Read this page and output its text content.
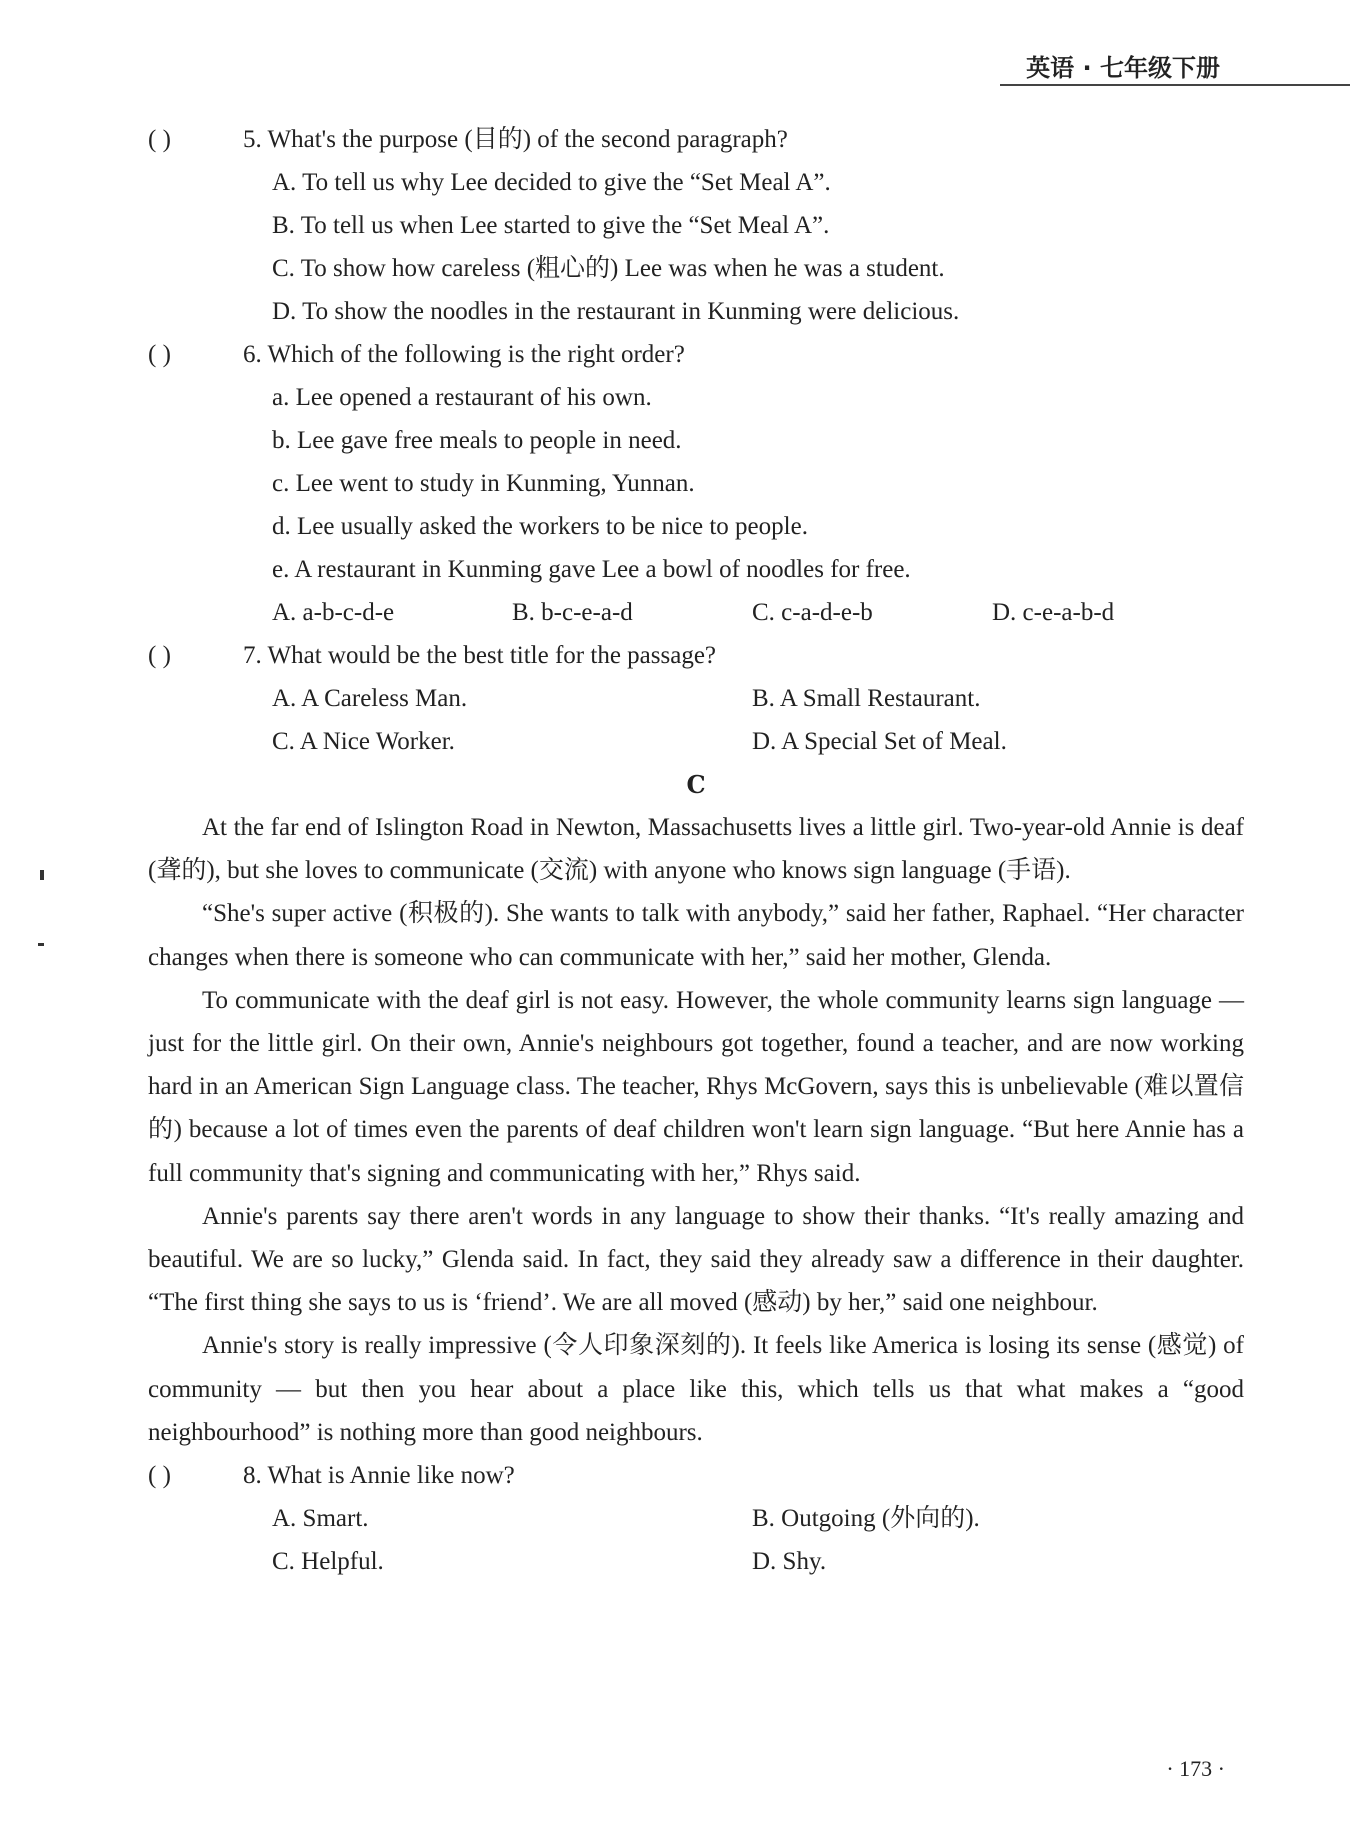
英语 · 七年级下册
( )	5. What's the purpose (目的) of the second paragraph?
A. To tell us why Lee decided to give the “Set Meal A”.
B. To tell us when Lee started to give the “Set Meal A”.
C. To show how careless (粗心的) Lee was when he was a student.
D. To show the noodles in the restaurant in Kunming were delicious.
( )	6. Which of the following is the right order?
a. Lee opened a restaurant of his own.
b. Lee gave free meals to people in need.
c. Lee went to study in Kunming, Yunnan.
d. Lee usually asked the workers to be nice to people.
e. A restaurant in Kunming gave Lee a bowl of noodles for free.
A. a-b-c-d-e	B. b-c-e-a-d	C. c-a-d-e-b	D. c-e-a-b-d
( )	7. What would be the best title for the passage?
A. A Careless Man.	B. A Small Restaurant.
C. A Nice Worker.	D. A Special Set of Meal.
C

At the far end of Islington Road in Newton, Massachusetts lives a little girl. Two-year-old Annie is deaf (聋的), but she loves to communicate (交流) with anyone who knows sign language (手语).

“She's super active (积极的). She wants to talk with anybody,” said her father, Raphael. “Her character changes when there is someone who can communicate with her,” said her mother, Glenda.

To communicate with the deaf girl is not easy. However, the whole community learns sign language — just for the little girl. On their own, Annie's neighbours got together, found a teacher, and are now working hard in an American Sign Language class. The teacher, Rhys McGovern, says this is unbelievable (难以置信的) because a lot of times even the parents of deaf children won't learn sign language. “But here Annie has a full community that's signing and communicating with her,” Rhys said.

Annie's parents say there aren't words in any language to show their thanks. “It's really amazing and beautiful. We are so lucky,” Glenda said. In fact, they said they already saw a difference in their daughter. “The first thing she says to us is ‘friend’. We are all moved (感动) by her,” said one neighbour.

Annie's story is really impressive (令人印象深刻的). It feels like America is losing its sense (感觉) of community — but then you hear about a place like this, which tells us that what makes a “good neighbourhood” is nothing more than good neighbours.

( )	8. What is Annie like now?
A. Smart.	B. Outgoing (外向的).
C. Helpful.	D. Shy.
· 173 ·
